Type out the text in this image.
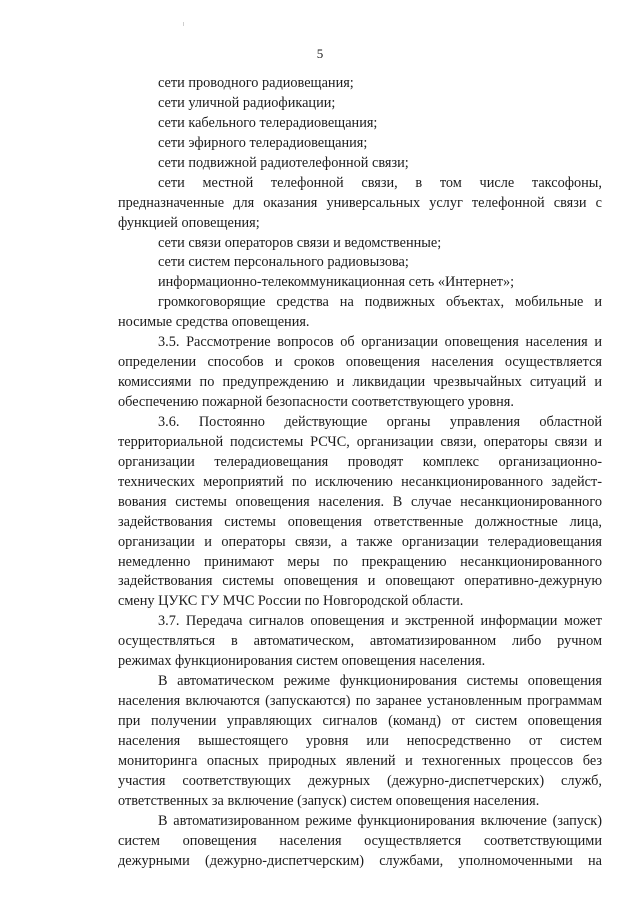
5
сети проводного радиовещания;
сети уличной радиофикации;
сети кабельного телерадиовещания;
сети эфирного телерадиовещания;
сети подвижной радиотелефонной связи;
сети местной телефонной связи, в том числе таксофоны,
предназначенные для оказания универсальных услуг телефонной связи с
функцией оповещения;
сети связи операторов связи и ведомственные;
сети систем персонального радиовызова;
информационно-телекоммуникационная сеть «Интернет»;
громкоговорящие средства на подвижных объектах, мобильные и
носимые средства оповещения.
3.5. Рассмотрение вопросов об организации оповещения населения и
определении способов и сроков оповещения населения осуществляется
комиссиями по предупреждению и ликвидации чрезвычайных ситуаций и
обеспечению пожарной безопасности соответствующего уровня.
3.6. Постоянно действующие органы управления областной
территориальной подсистемы РСЧС, организации связи, операторы связи и
организации телерадиовещания проводят комплекс организационно-
технических мероприятий по исключению несанкционированного задейст-
вования системы оповещения населения. В случае несанкционированного
задействования системы оповещения ответственные должностные лица,
организации и операторы связи, а также организации телерадиовещания
немедленно принимают меры по прекращению несанкционированного
задействования системы оповещения и оповещают оперативно-дежурную
смену ЦУКС ГУ МЧС России по Новгородской области.
3.7. Передача сигналов оповещения и экстренной информации может
осуществляться в автоматическом, автоматизированном либо ручном
режимах функционирования систем оповещения населения.
В автоматическом режиме функционирования системы оповещения
населения включаются (запускаются) по заранее установленным программам
при получении управляющих сигналов (команд) от систем оповещения
населения вышестоящего уровня или непосредственно от систем
мониторинга опасных природных явлений и техногенных процессов без
участия соответствующих дежурных (дежурно-диспетчерских) служб,
ответственных за включение (запуск) систем оповещения населения.
В автоматизированном режиме функционирования включение (запуск)
систем оповещения населения осуществляется соответствующими
дежурными (дежурно-диспетчерским) службами, уполномоченными на
